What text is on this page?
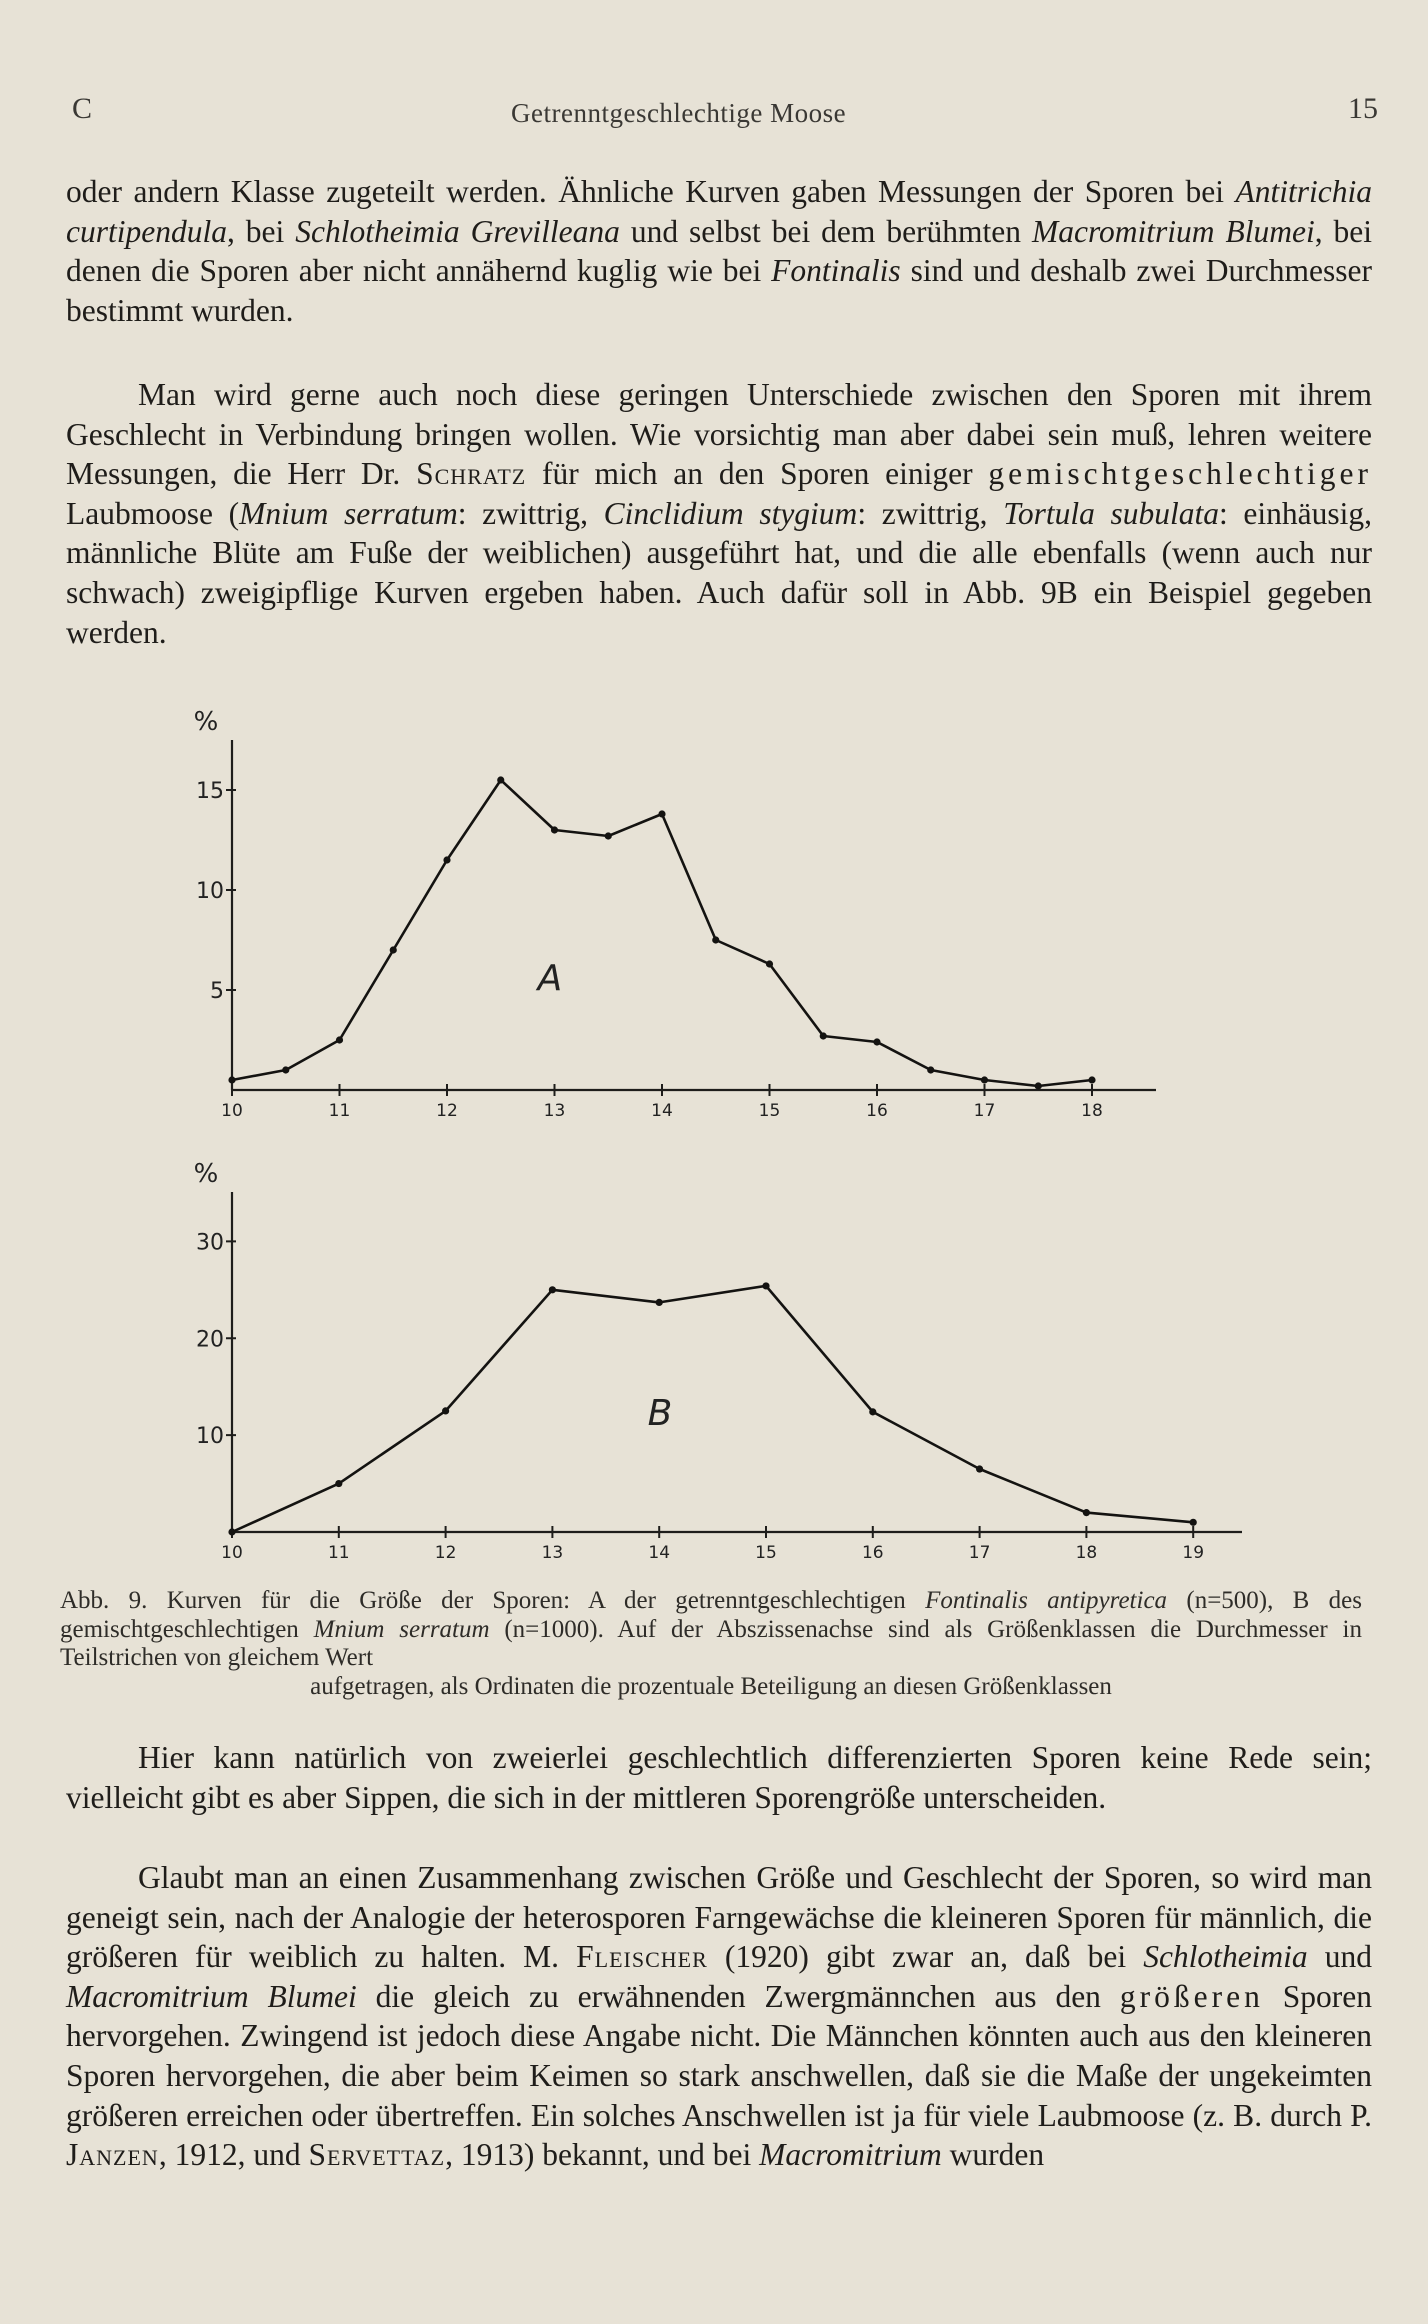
C	Getrenntgeschlechtige Moose	15

oder andern Klasse zugeteilt werden. Ähnliche Kurven gaben Messungen der Sporen bei Antitrichia curtipendula, bei Schlotheimia Grevilleana und selbst bei dem berühmten Macromitrium Blumei, bei denen die Sporen aber nicht annähernd kuglig wie bei Fontinalis sind und deshalb zwei Durchmesser bestimmt wurden.

Man wird gerne auch noch diese geringen Unterschiede zwischen den Sporen mit ihrem Geschlecht in Verbindung bringen wollen. Wie vorsichtig man aber dabei sein muß, lehren weitere Messungen, die Herr Dr. Schratz für mich an den Sporen einiger gemischtgeschlechtiger Laubmoose (Mnium serratum: zwittrig, Cinclidium stygium: zwittrig, Tortula subulata: einhäusig, männliche Blüte am Fuße der weiblichen) ausgeführt hat, und die alle ebenfalls (wenn auch nur schwach) zweigipflige Kurven ergeben haben. Auch dafür soll in Abb. 9B ein Beispiel gegeben werden.

10	11	12	13	14	15	16	17	18
5
10
15
%
A
10	11	12	13	14	15	16	17	18	19
10
20
30
%
B

Abb. 9. Kurven für die Größe der Sporen: A der getrenntgeschlechtigen Fontinalis antipyretica (n=500), B des gemischtgeschlechtigen Mnium serratum (n=1000). Auf der Abszissenachse sind als Größenklassen die Durchmesser in Teilstrichen von gleichem Wert
aufgetragen, als Ordinaten die prozentuale Beteiligung an diesen Größenklassen

Hier kann natürlich von zweierlei geschlechtlich differenzierten Sporen keine Rede sein; vielleicht gibt es aber Sippen, die sich in der mittleren Sporengröße unterscheiden.

Glaubt man an einen Zusammenhang zwischen Größe und Geschlecht der Sporen, so wird man geneigt sein, nach der Analogie der heterosporen Farngewächse die kleineren Sporen für männlich, die größeren für weiblich zu halten. M. Fleischer (1920) gibt zwar an, daß bei Schlotheimia und Macromitrium Blumei die gleich zu erwähnenden Zwergmännchen aus den größeren Sporen hervorgehen. Zwingend ist jedoch diese Angabe nicht. Die Männchen könnten auch aus den kleineren Sporen hervorgehen, die aber beim Keimen so stark anschwellen, daß sie die Maße der ungekeimten größeren erreichen oder übertreffen. Ein solches Anschwellen ist ja für viele Laubmoose (z. B. durch P. Janzen, 1912, und Servettaz, 1913) bekannt, und bei Macromitrium wurden
